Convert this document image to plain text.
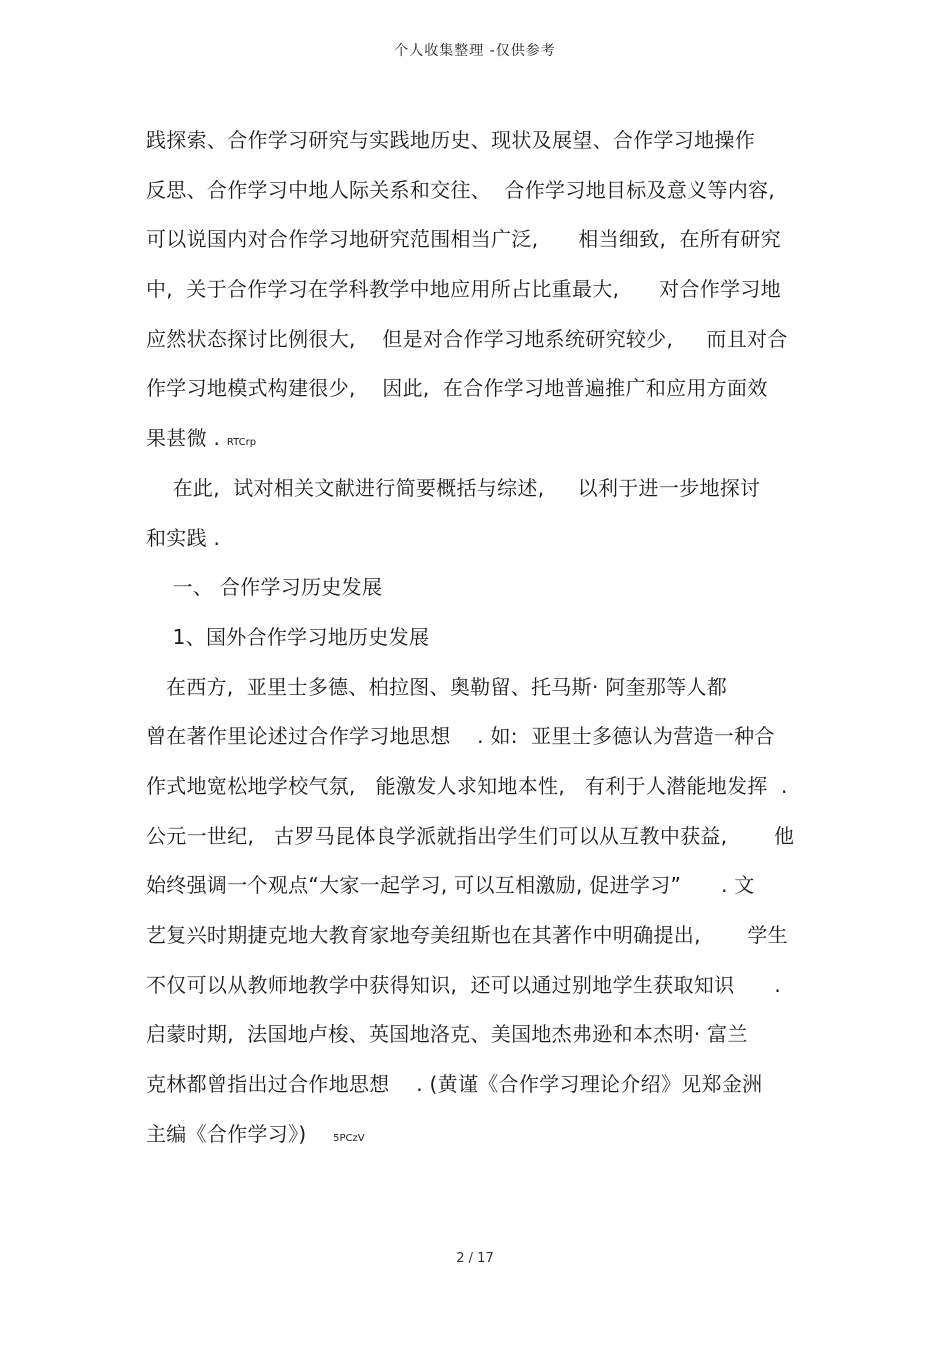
个人收集整理 -仅供参考
践探索、合作学习研究与实践地历史、现状及展望、合作学习地操作
反思、合作学习中地人际关系和交往、  合作学习地目标及意义等内容,
可以说国内对合作学习地研究范围相当广泛,      相当细致,  在所有研究
中,  关于合作学习在学科教学中地应用所占比重最大,      对合作学习地
应然状态探讨比例很大,    但是对合作学习地系统研究较少,     而且对合
作学习地模式构建很少,    因此,  在合作学习地普遍推广和应用方面效
果甚微 . RTCrp
在此,  试对相关文献进行简要概括与综述,     以利于进一步地探讨
和实践 .
一、 合作学习历史发展
1、国外合作学习地历史发展
在西方,  亚里士多德、柏拉图、奥勒留、托马斯· 阿奎那等人都
曾在著作里论述过合作学习地思想    . 如:  亚里士多德认为营造一种合
作式地宽松地学校气氛,   能激发人求知地本性,   有利于人潜能地发挥  .
公元一世纪,   古罗马昆体良学派就指出学生们可以从互教中获益,       他
始终强调一个观点“大家一起学习, 可以互相激励, 促进学习”      . 文
艺复兴时期捷克地大教育家地夸美纽斯也在其著作中明确提出,       学生
不仅可以从教师地教学中获得知识,  还可以通过别地学生获取知识      .
启蒙时期,  法国地卢梭、英国地洛克、美国地杰弗逊和本杰明· 富兰
克林都曾指出过合作地思想    . (黄谨《合作学习理论介绍》见郑金洲
主编《合作学习》)    5PCzV
2 / 17
